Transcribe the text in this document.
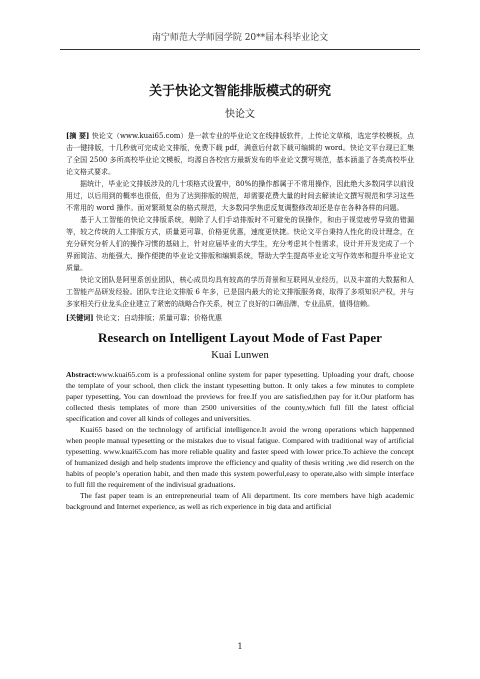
南宁师范大学师园学院 20**届本科毕业论文
关于快论文智能排版模式的研究
快论文

[摘 要] 快论文（www.kuai65.com）是一款专业的毕业论文在线排版软件，上传论文草稿，选定学校模板，点击一键排版，十几秒就可完成论文排版，免费下载 pdf，满意后付款下载可编辑的 word。快论文平台现已汇集了全国 2500 多所高校毕业论文模板，均源自各校官方最新发布的毕业论文撰写规范，基本涵盖了各类高校毕业论文格式要求。

据统计，毕业论文排版涉及的几十项格式设置中，80%的操作都属于不常用操作，因此绝大多数同学以前没用过，以后用到的概率也很低，但为了达到排版的规范，却需要花费大量的时间去解读论文撰写规范和学习这些不常用的 word 操作。面对繁琐复杂的格式规范，大多数同学焦虑反复调整修改却还是存在各种各样的问题。

基于人工智能的快论文排版系统，剔除了人们手动排版时不可避免的误操作，和由于视觉疲劳导致的错漏等，较之传统的人工排版方式，质量更可靠，价格更优惠，速度更快捷。快论文平台秉持人性化的设计理念，在充分研究分析人们的操作习惯的基础上，针对应届毕业的大学生，充分考虑其个性需求，设计并开发完成了一个界面简洁、功能强大、操作便捷的毕业论文排版和编辑系统，帮助大学生提高毕业论文写作效率和提升毕业论文质量。

快论文团队是阿里系创业团队，核心成员均具有较高的学历背景和互联网从业经历，以及丰富的大数据和人工智能产品研发经验。团队专注论文排版 6 年多，已是国内最大的论文排版服务商，取得了多项知识产权，并与多家相关行业龙头企业建立了紧密的战略合作关系，树立了良好的口碑品牌，专业品质，值得信赖。

[关键词] 快论文；自动排版；质量可靠；价格优惠

Research on Intelligent Layout Mode of Fast Paper
Kuai Lunwen

Abstract:www.kuai65.com is a professional online system for paper typesetting. Uploading your draft, choose the template of your school, then click the instant typesetting button. It only takes a few minutes to complete paper typesetting, You can download the previews for free.If you are satisfied,then pay for it.Our platform has collected thesis templates of more than 2500 universities of the county,which full fill the latest official specification and cover all kinds of colleges and universities.

Kuai65 based on the technology of artificial intelligence.It avoid the wrong operations which happenned when people manual typesetting or the mistakes due to visual fatigue. Compared with traditional way of artificial typesetting. www.kuai65.com has more reliable quality and faster speed with lower price.To achieve the concept of humanized desigh and help students improve the efficiency and quality of thesis writing ,we did reserch on the habits of people’s operation habit, and then made this system powerful,easy to operate,also with simple interface to full fill the requirement of the indivisual graduations.

The fast paper team is an entrepreneurial team of Ali department. Its core members have high academic background and Internet experience, as well as rich experience in big data and artificial

1
